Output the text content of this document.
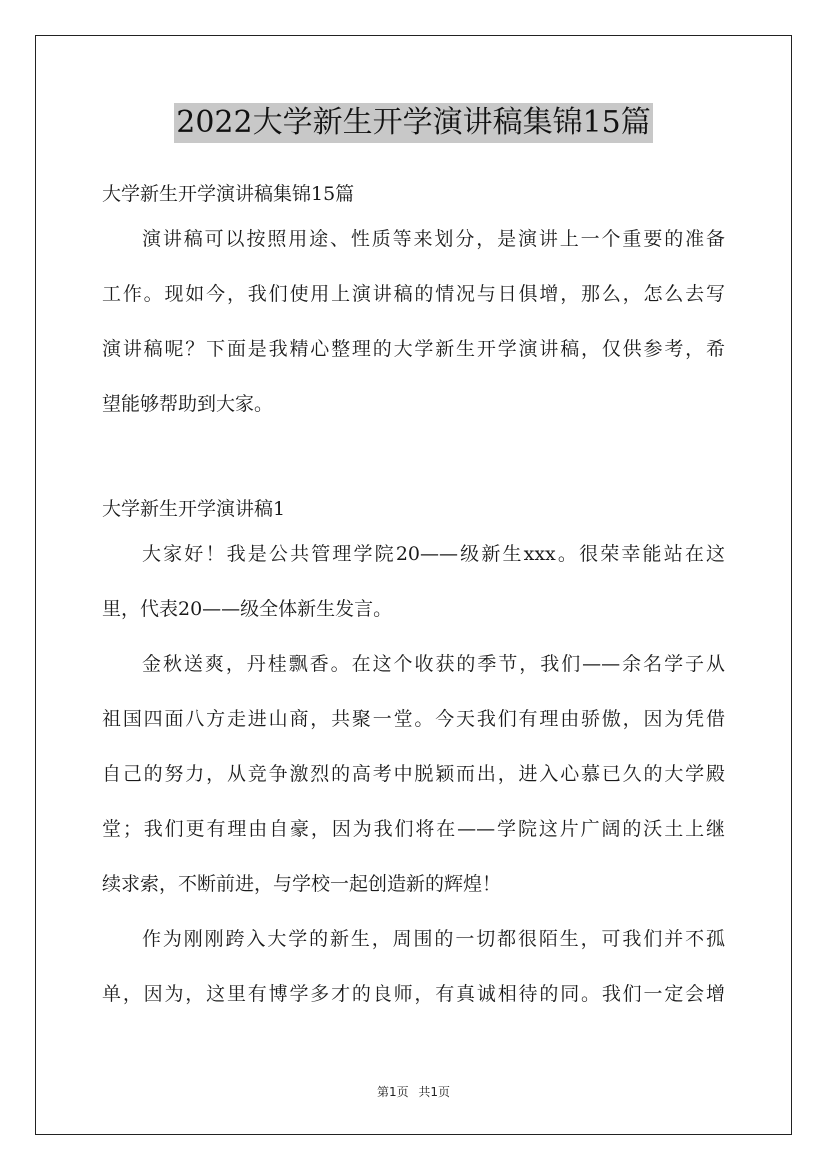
2022大学新生开学演讲稿集锦15篇
大学新生开学演讲稿集锦15篇
演讲稿可以按照用途、性质等来划分，是演讲上一个重要的准备
工作。现如今，我们使用上演讲稿的情况与日俱增，那么，怎么去写
演讲稿呢？下面是我精心整理的大学新生开学演讲稿，仅供参考，希
望能够帮助到大家。
大学新生开学演讲稿1
大家好！我是公共管理学院20——级新生xxx。很荣幸能站在这
里，代表20——级全体新生发言。
金秋送爽，丹桂飘香。在这个收获的季节，我们——余名学子从
祖国四面八方走进山商，共聚一堂。今天我们有理由骄傲，因为凭借
自己的努力，从竞争激烈的高考中脱颖而出，进入心慕已久的大学殿
堂；我们更有理由自豪，因为我们将在——学院这片广阔的沃土上继
续求索，不断前进，与学校一起创造新的辉煌！
作为刚刚跨入大学的新生，周围的一切都很陌生，可我们并不孤
单，因为，这里有博学多才的良师，有真诚相待的同。我们一定会增
第1页 共1页
